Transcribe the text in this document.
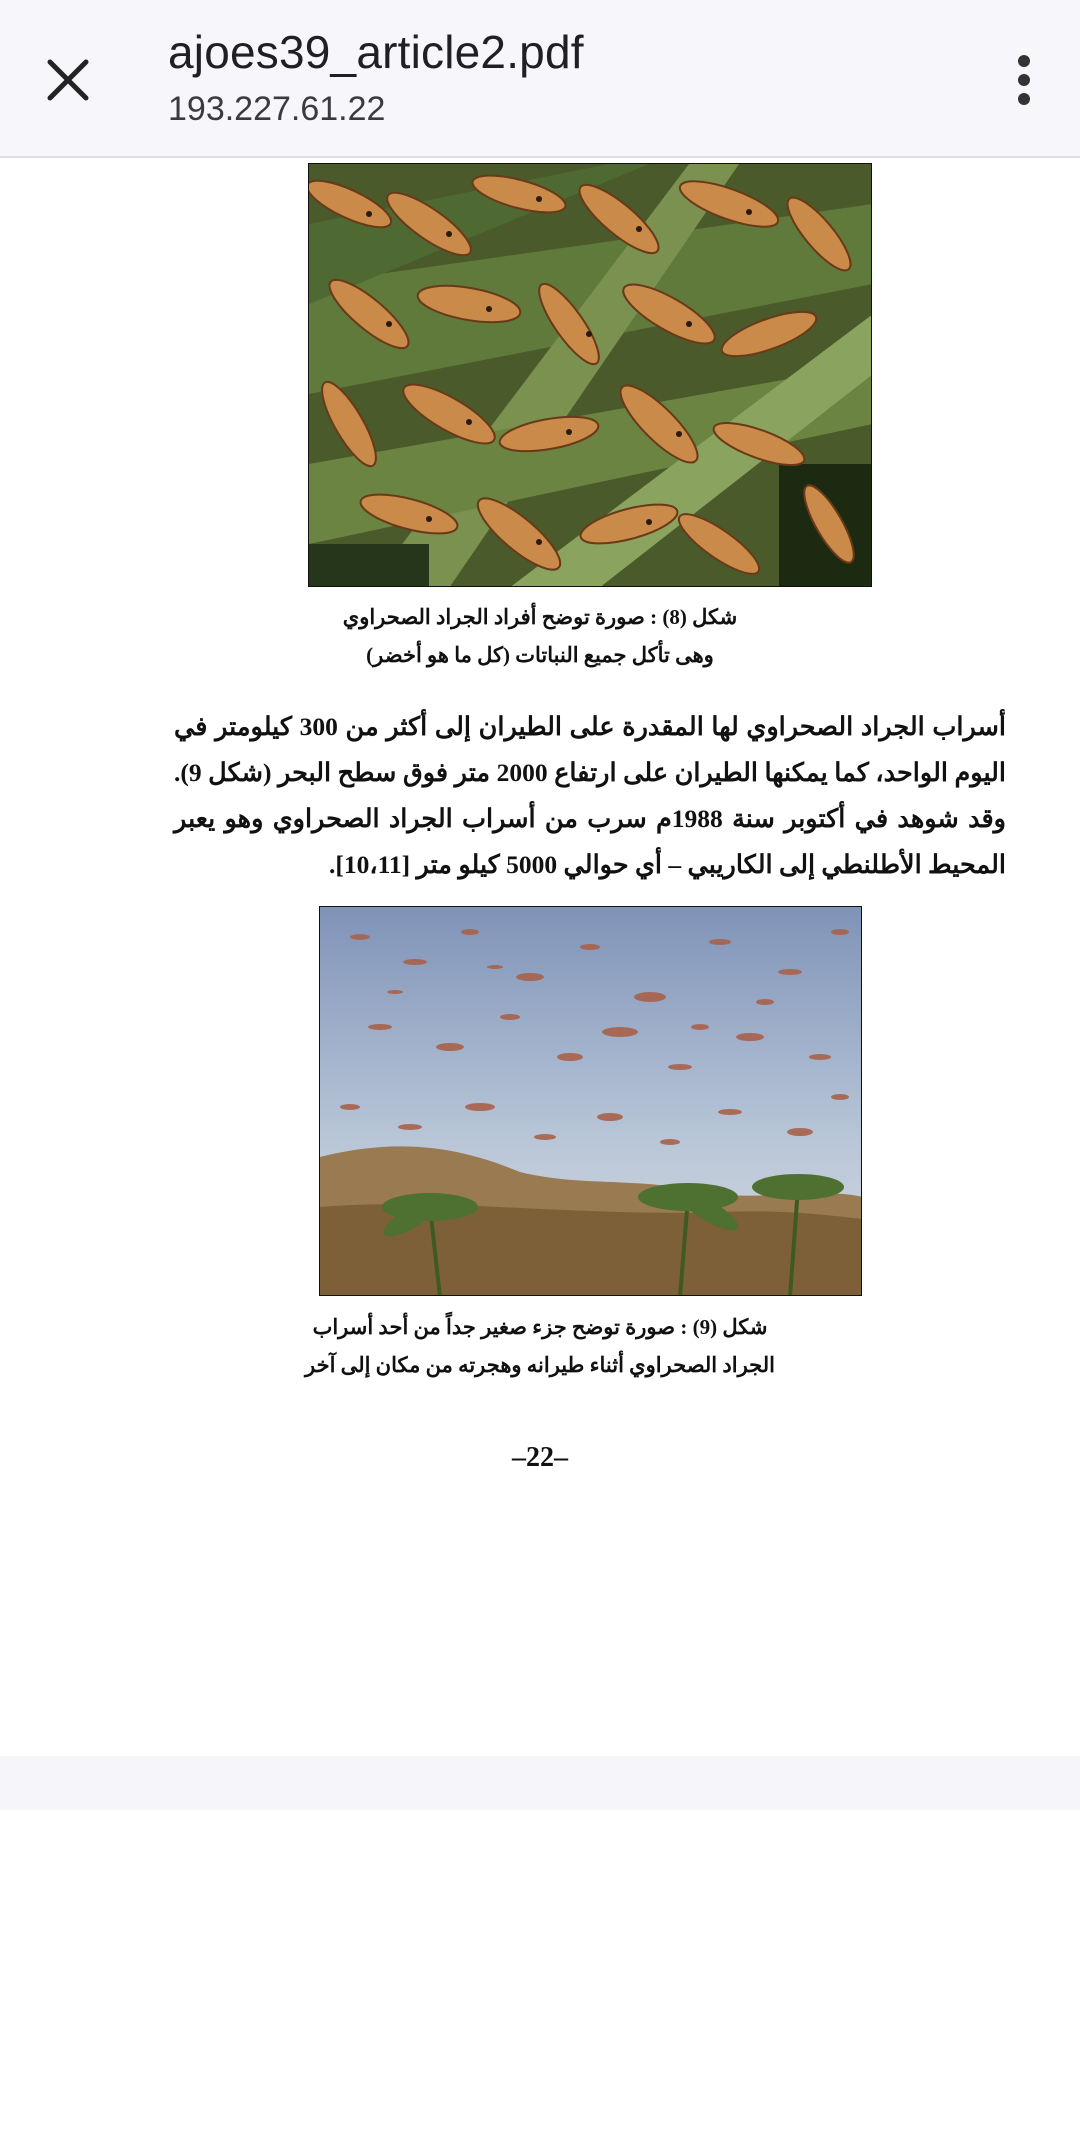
ajoes39_article2.pdf
193.227.61.22
شكل (8) : صورة توضح أفراد الجراد الصحراوي
وهى تأكل جميع النباتات (كل ما هو أخضر)
أسراب الجراد الصحراوي لها المقدرة على الطيران إلى أكثر من 300 كيلومتر في اليوم الواحد، كما يمكنها الطيران على ارتفاع 2000 متر فوق سطح البحر (شكل 9). وقد شوهد في أكتوبر سنة 1988م سرب من أسراب الجراد الصحراوي وهو يعبر المحيط الأطلنطي إلى الكاريبي – أي حوالي 5000 كيلو متر [10،11].
شكل (9) : صورة توضح جزء صغير جداً من أحد أسراب
الجراد الصحراوي أثناء طيرانه وهجرته من مكان إلى آخر
–22–
